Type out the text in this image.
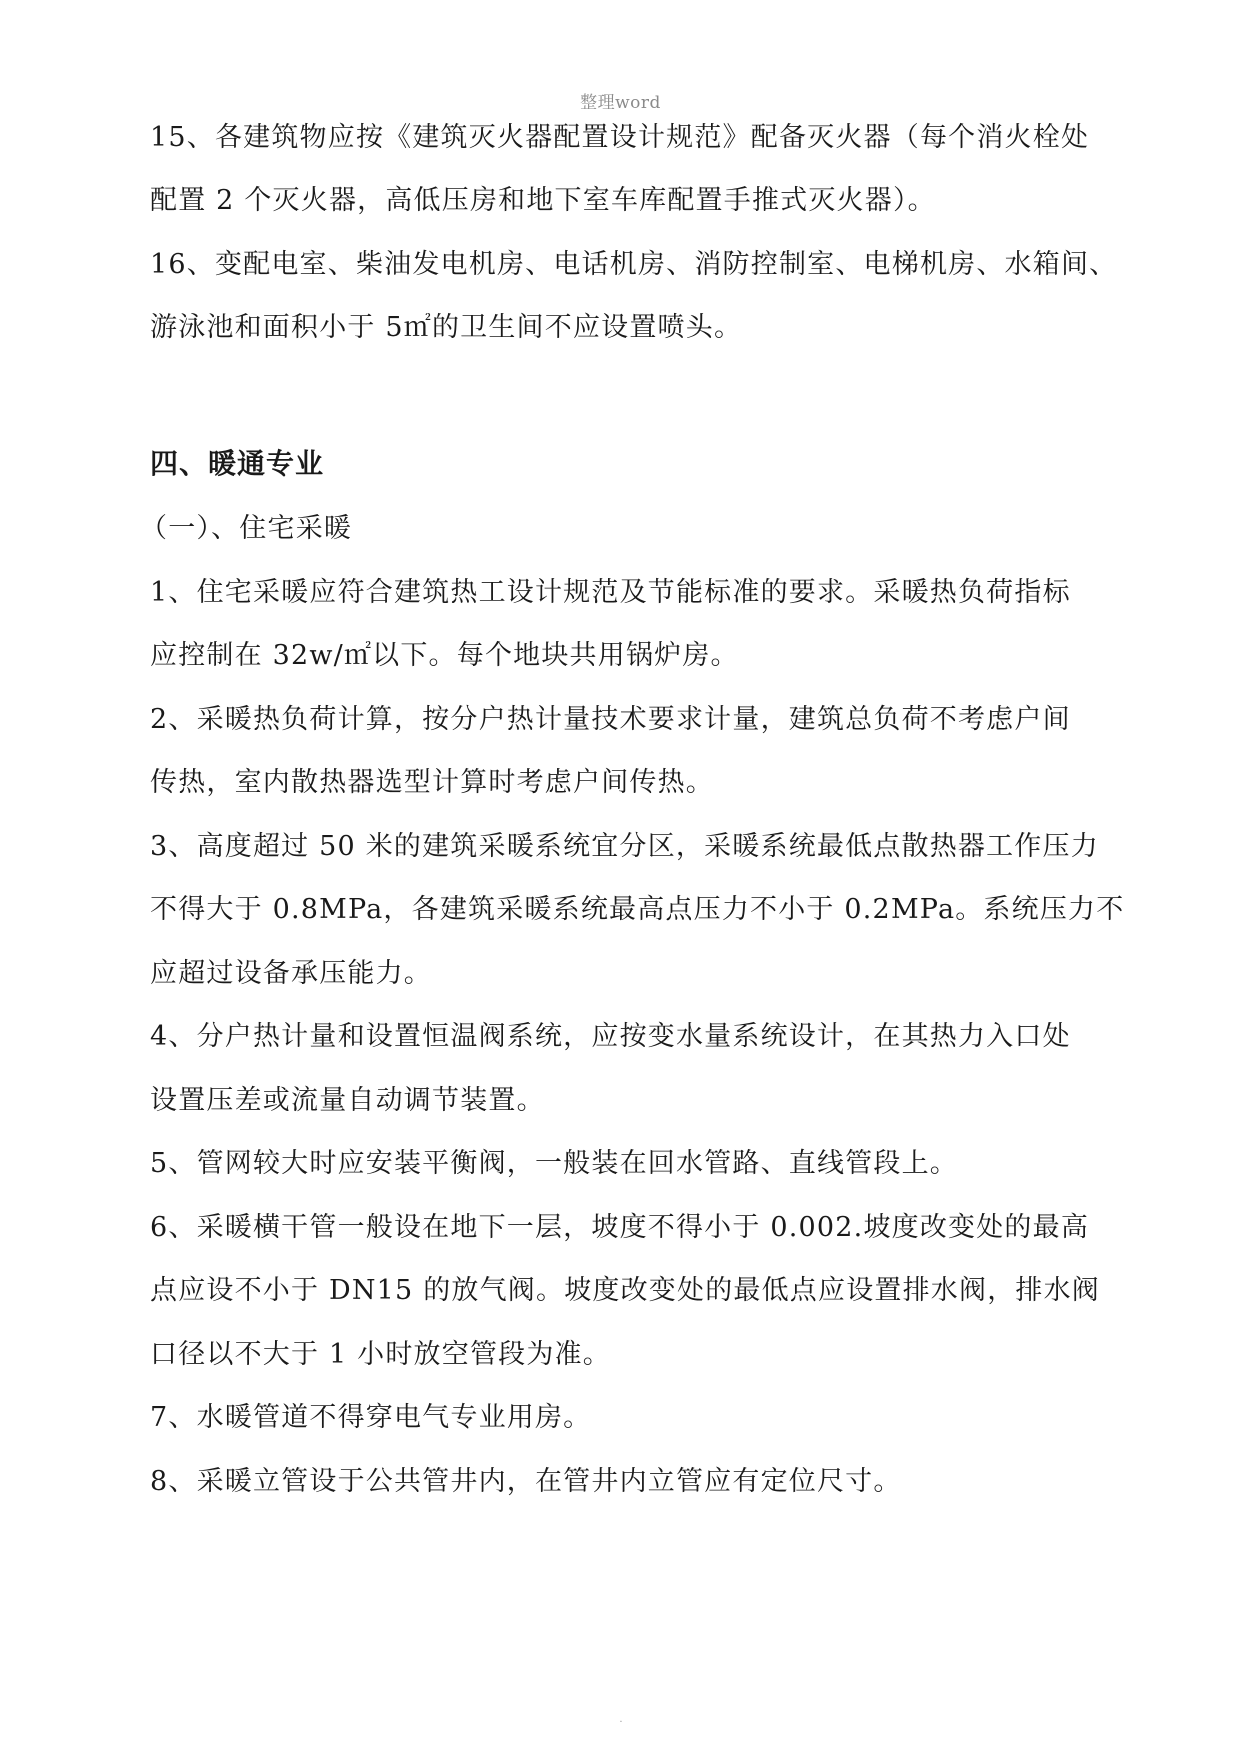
整理word
15、各建筑物应按《建筑灭火器配置设计规范》配备灭火器（每个消火栓处
配置 2 个灭火器，高低压房和地下室车库配置手推式灭火器）。
16、变配电室、柴油发电机房、电话机房、消防控制室、电梯机房、水箱间、
游泳池和面积小于 5㎡的卫生间不应设置喷头。
四、暖通专业
（一）、住宅采暖
1、住宅采暖应符合建筑热工设计规范及节能标准的要求。采暖热负荷指标
应控制在 32w/㎡以下。每个地块共用锅炉房。
2、采暖热负荷计算，按分户热计量技术要求计量，建筑总负荷不考虑户间
传热，室内散热器选型计算时考虑户间传热。
3、高度超过 50 米的建筑采暖系统宜分区，采暖系统最低点散热器工作压力
不得大于 0.8MPa，各建筑采暖系统最高点压力不小于 0.2MPa。系统压力不
应超过设备承压能力。
4、分户热计量和设置恒温阀系统，应按变水量系统设计，在其热力入口处
设置压差或流量自动调节装置。
5、管网较大时应安装平衡阀，一般装在回水管路、直线管段上。
6、采暖横干管一般设在地下一层，坡度不得小于 0.002.坡度改变处的最高
点应设不小于 DN15 的放气阀。坡度改变处的最低点应设置排水阀，排水阀
口径以不大于 1 小时放空管段为准。
7、水暖管道不得穿电气专业用房。
8、采暖立管设于公共管井内，在管井内立管应有定位尺寸。
.
